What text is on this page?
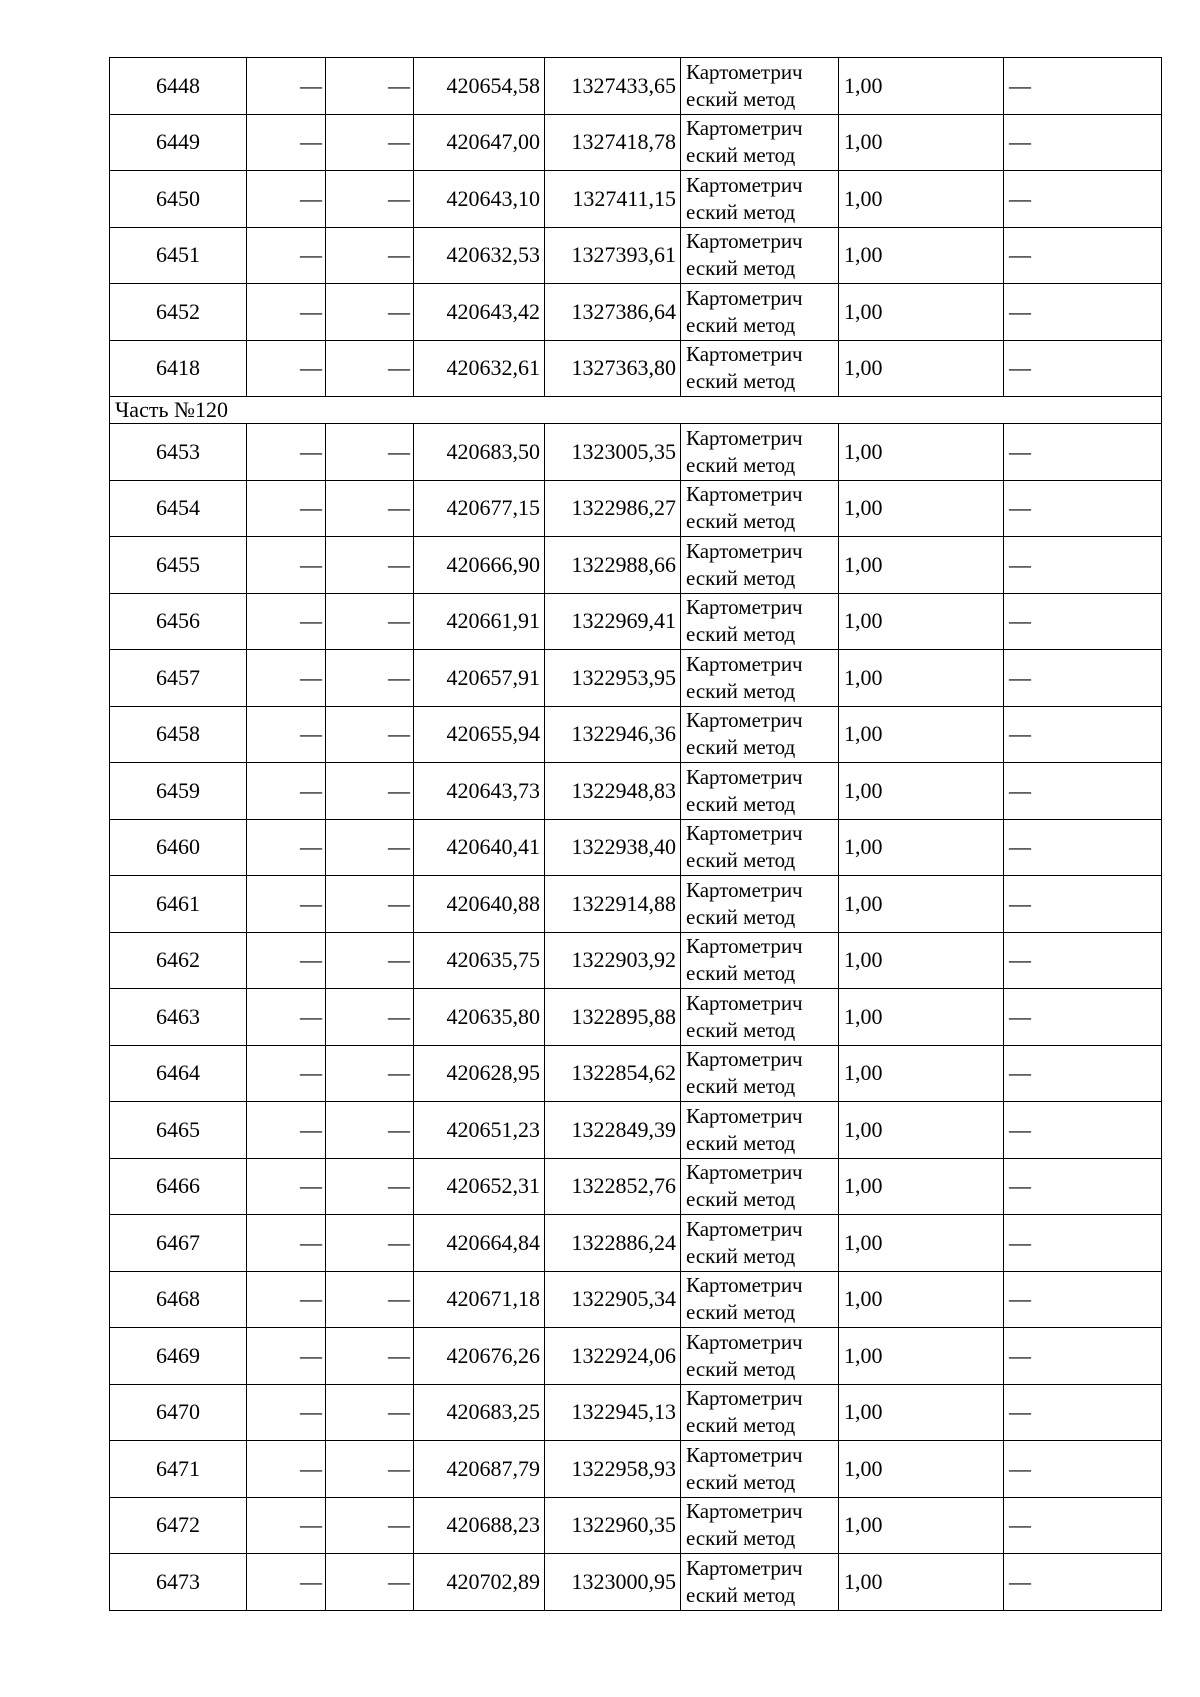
6448	—	—	420654,58	1327433,65	Картометрич
еский метод	1,00	—
6449	—	—	420647,00	1327418,78	Картометрич
еский метод	1,00	—
6450	—	—	420643,10	1327411,15	Картометрич
еский метод	1,00	—
6451	—	—	420632,53	1327393,61	Картометрич
еский метод	1,00	—
6452	—	—	420643,42	1327386,64	Картометрич
еский метод	1,00	—
6418	—	—	420632,61	1327363,80	Картометрич
еский метод	1,00	—
Часть №120							
6453	—	—	420683,50	1323005,35	Картометрич
еский метод	1,00	—
6454	—	—	420677,15	1322986,27	Картометрич
еский метод	1,00	—
6455	—	—	420666,90	1322988,66	Картометрич
еский метод	1,00	—
6456	—	—	420661,91	1322969,41	Картометрич
еский метод	1,00	—
6457	—	—	420657,91	1322953,95	Картометрич
еский метод	1,00	—
6458	—	—	420655,94	1322946,36	Картометрич
еский метод	1,00	—
6459	—	—	420643,73	1322948,83	Картометрич
еский метод	1,00	—
6460	—	—	420640,41	1322938,40	Картометрич
еский метод	1,00	—
6461	—	—	420640,88	1322914,88	Картометрич
еский метод	1,00	—
6462	—	—	420635,75	1322903,92	Картометрич
еский метод	1,00	—
6463	—	—	420635,80	1322895,88	Картометрич
еский метод	1,00	—
6464	—	—	420628,95	1322854,62	Картометрич
еский метод	1,00	—
6465	—	—	420651,23	1322849,39	Картометрич
еский метод	1,00	—
6466	—	—	420652,31	1322852,76	Картометрич
еский метод	1,00	—
6467	—	—	420664,84	1322886,24	Картометрич
еский метод	1,00	—
6468	—	—	420671,18	1322905,34	Картометрич
еский метод	1,00	—
6469	—	—	420676,26	1322924,06	Картометрич
еский метод	1,00	—
6470	—	—	420683,25	1322945,13	Картометрич
еский метод	1,00	—
6471	—	—	420687,79	1322958,93	Картометрич
еский метод	1,00	—
6472	—	—	420688,23	1322960,35	Картометрич
еский метод	1,00	—
6473	—	—	420702,89	1323000,95	Картометрич
еский метод	1,00	—
